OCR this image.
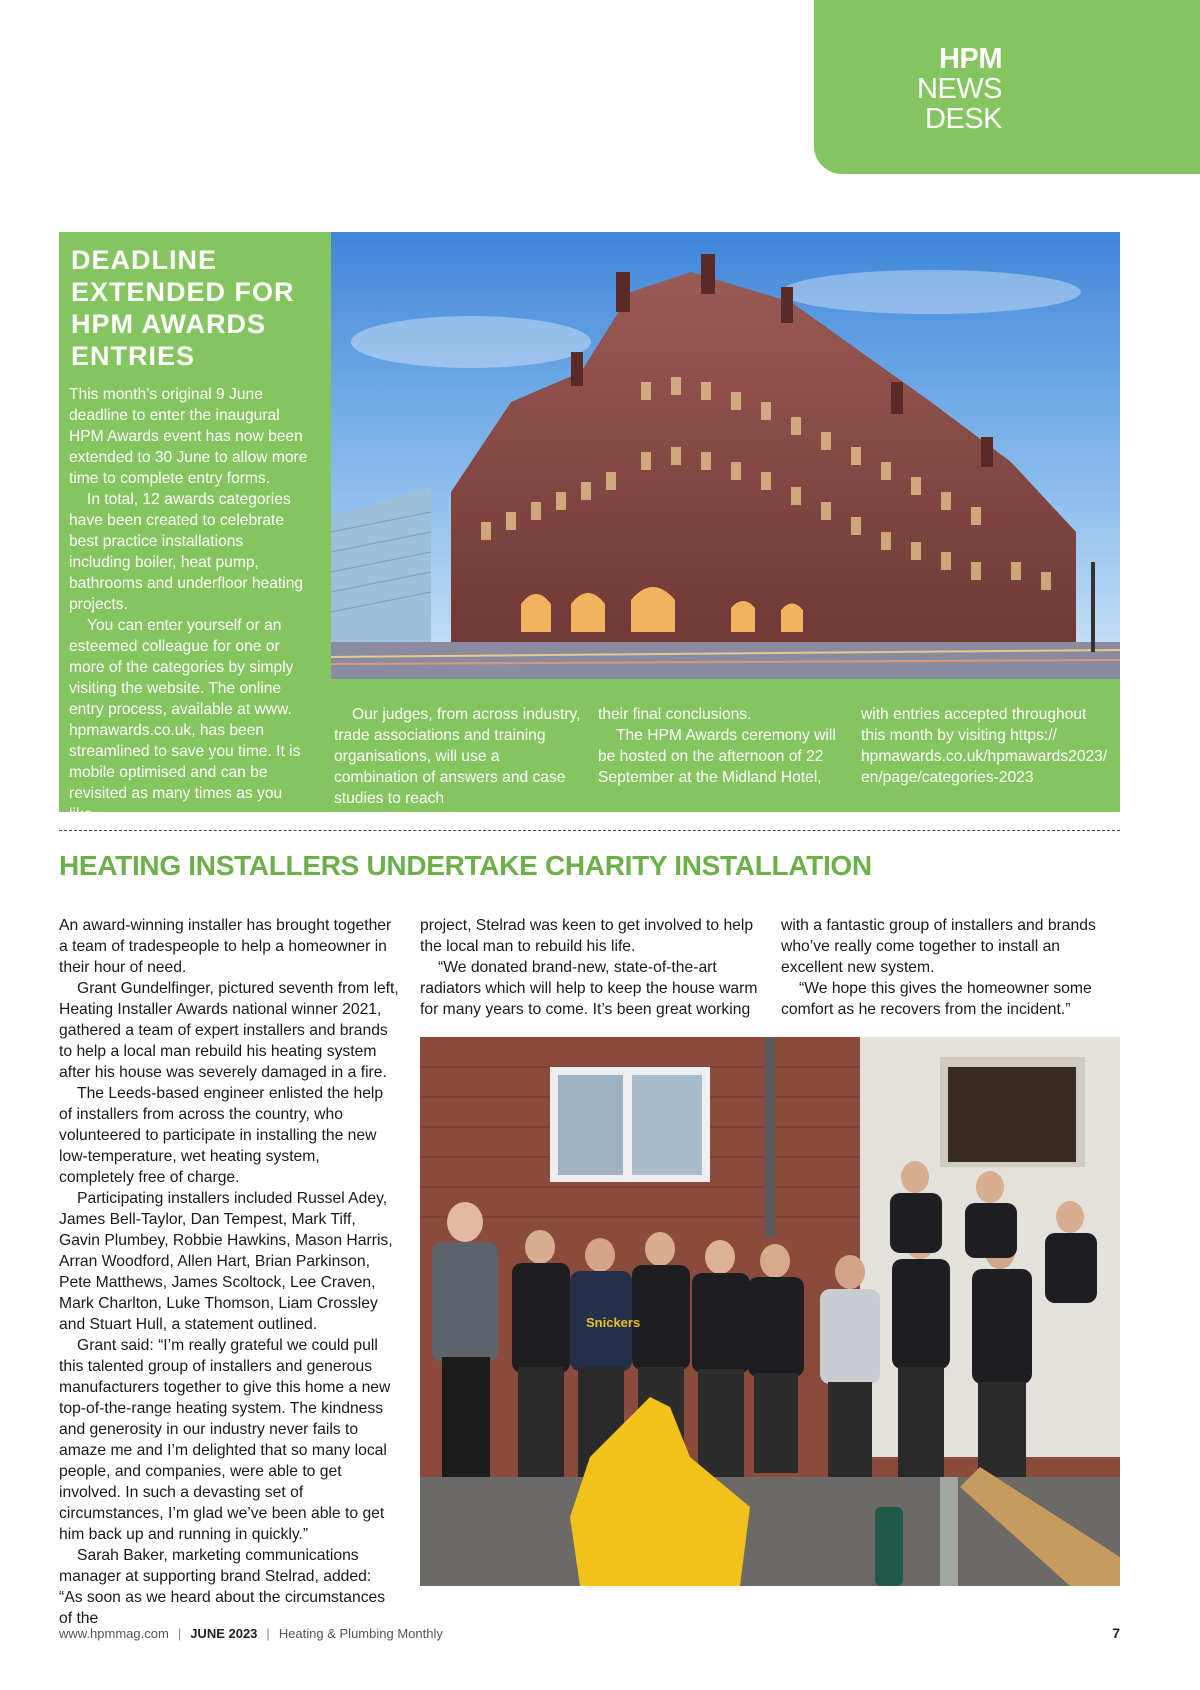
HPM
NEWS
DESK
DEADLINE EXTENDED FOR HPM AWARDS ENTRIES

This month’s original 9 June deadline to enter the inaugural HPM Awards event has now been extended to 30 June to allow more time to complete entry forms.

In total, 12 awards categories have been created to celebrate best practice installations including boiler, heat pump, bathrooms and underfloor heating projects.

You can enter yourself or an esteemed colleague for one or more of the categories by simply visiting the website. The online entry process, available at www. hpmawards.co.uk, has been streamlined to save you time. It is mobile optimised and can be revisited as many times as you like.

Our judges, from across industry, trade associations and training organisations, will use a combination of answers and case studies to reach

their final conclusions.

The HPM Awards ceremony will be hosted on the afternoon of 22 September at the Midland Hotel,

with entries accepted throughout this month by visiting https:// hpmawards.co.uk/hpmawards2023/ en/page/categories-2023

HEATING INSTALLERS UNDERTAKE CHARITY INSTALLATION

An award-winning installer has brought together a team of tradespeople to help a homeowner in their hour of need.

Grant Gundelfinger, pictured seventh from left, Heating Installer Awards national winner 2021, gathered a team of expert installers and brands to help a local man rebuild his heating system after his house was severely damaged in a fire.

The Leeds-based engineer enlisted the help of installers from across the country, who volunteered to participate in installing the new low-temperature, wet heating system, completely free of charge.

Participating installers included Russel Adey, James Bell-Taylor, Dan Tempest, Mark Tiff, Gavin Plumbey, Robbie Hawkins, Mason Harris, Arran Woodford, Allen Hart, Brian Parkinson, Pete Matthews, James Scoltock, Lee Craven, Mark Charlton, Luke Thomson, Liam Crossley and Stuart Hull, a statement outlined.

Grant said: “I’m really grateful we could pull this talented group of installers and generous manufacturers together to give this home a new top-of-the-range heating system. The kindness and generosity in our industry never fails to amaze me and I’m delighted that so many local people, and companies, were able to get involved. In such a devasting set of circumstances, I’m glad we’ve been able to get him back up and running in quickly.”

Sarah Baker, marketing communications manager at supporting brand Stelrad, added: “As soon as we heard about the circumstances of the

project, Stelrad was keen to get involved to help the local man to rebuild his life.

“We donated brand-new, state-of-the-art radiators which will help to keep the house warm for many years to come. It’s been great working

with a fantastic group of installers and brands who’ve really come together to install an excellent new system.

“We hope this gives the homeowner some comfort as he recovers from the incident.”

Snickers
www.hpmmag.com | JUNE 2023 | Heating & Plumbing Monthly	7
